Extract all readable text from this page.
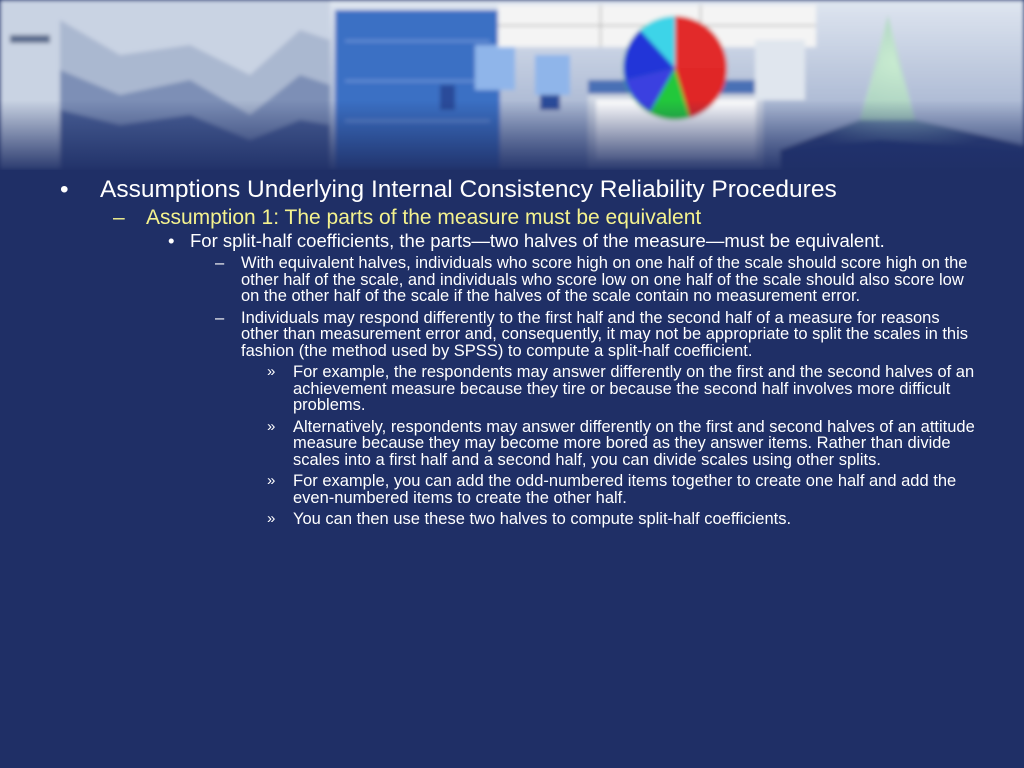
• Assumptions Underlying Internal Consistency Reliability Procedures
– Assumption 1: The parts of the measure must be equivalent
• For split-half coefficients, the parts—two halves of the measure—must be equivalent.
– With equivalent halves, individuals who score high on one half of the scale should score high on the other half of the scale, and individuals who score low on one half of the scale should also score low on the other half of the scale if the halves of the scale contain no measurement error.
– Individuals may respond differently to the first half and the second half of a measure for reasons other than measurement error and, consequently, it may not be appropriate to split the scales in this fashion (the method used by SPSS) to compute a split-half coefficient.
» For example, the respondents may answer differently on the first and the second halves of an achievement measure because they tire or because the second half involves more difficult problems.
» Alternatively, respondents may answer differently on the first and second halves of an attitude measure because they may become more bored as they answer items. Rather than divide scales into a first half and a second half, you can divide scales using other splits.
» For example, you can add the odd-numbered items together to create one half and add the even-numbered items to create the other half.
» You can then use these two halves to compute split-half coefficients.
